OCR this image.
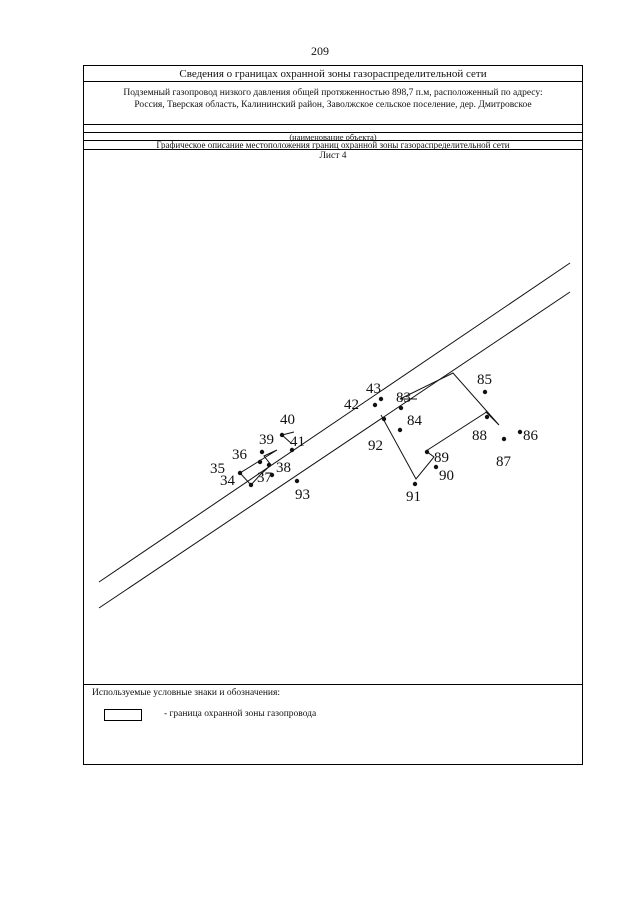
209
Сведения о границах охранной зоны газораспределительной сети
Подземный газопровод низкого давления общей протяженностью 898,7 п.м, расположенный по адресу:
Россия, Тверская область, Калининский район, Заволжское сельское поселение, дер. Дмитровское
(наименование объекта)
Графическое описание местоположения границ охранной зоны газораспределительной сети
Лист 4
34
35
36
37
38
39
40
41
42
43
83
84
85
86
87
88
89
90
91
92
93
Используемые условные знаки и обозначения:
- граница охранной зоны газопровода
